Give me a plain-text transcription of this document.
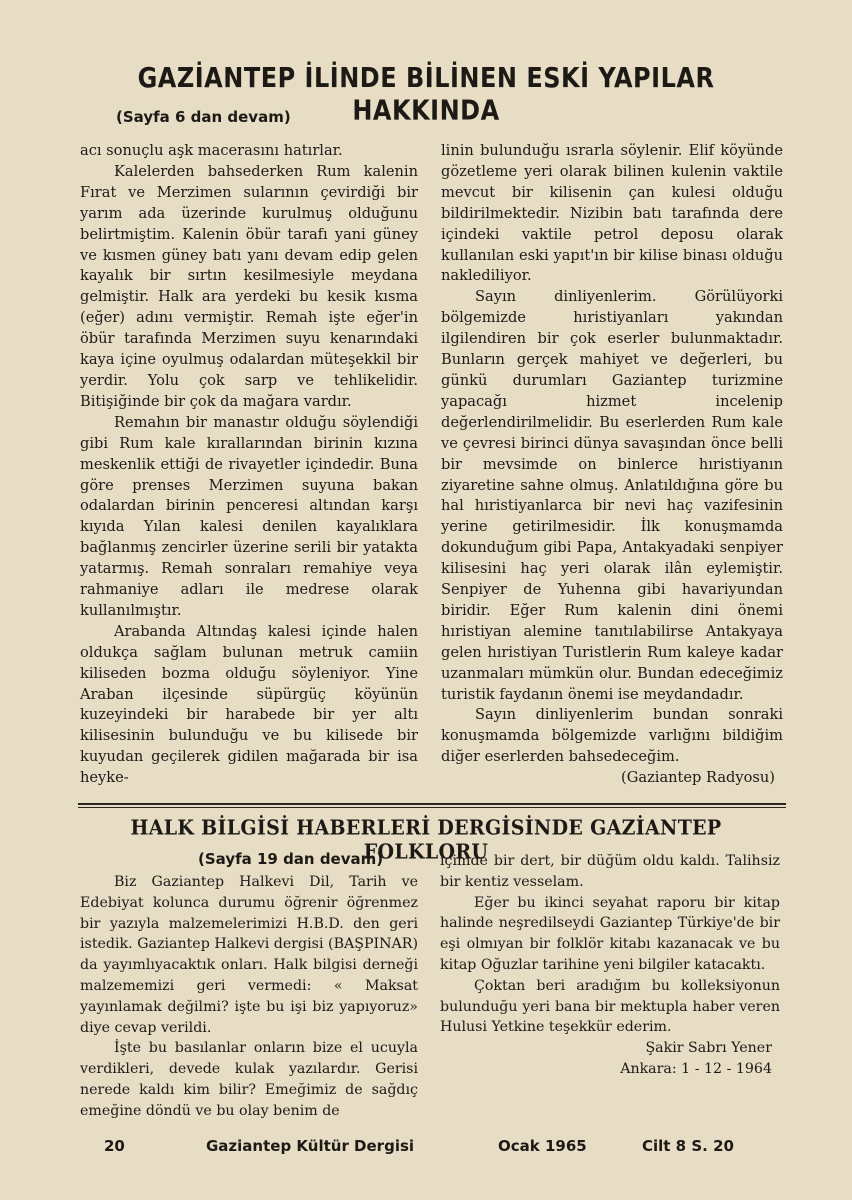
GAZİANTEP İLİNDE BİLİNEN ESKİ YAPILAR HAKKINDA
(Sayfa 6 dan devam)

acı sonuçlu aşk macerasını hatırlar.

Kalelerden bahsederken Rum kalenin Fırat ve Merzimen sularının çevirdiği bir yarım ada üzerinde kurulmuş olduğunu belirtmiştim. Kalenin öbür tarafı yani güney ve kısmen güney batı yanı devam edip gelen kayalık bir sırtın kesilmesiyle meydana gelmiştir. Halk ara yerdeki bu kesik kısma (eğer) adını vermiştir. Remah işte eğer'in öbür tarafında Merzimen suyu kenarındaki kaya içine oyulmuş odalardan müteşekkil bir yerdir. Yolu çok sarp ve tehlikelidir. Bitişiğinde bir çok da mağara vardır.

Remahın bir manastır olduğu söylendiği gibi Rum kale kırallarından birinin kızına meskenlik ettiği de rivayetler içindedir. Buna göre prenses Merzimen suyuna bakan odalardan birinin penceresi altından karşı kıyıda Yılan kalesi denilen kayalıklara bağlanmış zencirler üzerine serili bir yatakta yatarmış. Remah sonraları remahiye veya rahmaniye adları ile medrese olarak kullanılmıştır.

Arabanda Altındaş kalesi içinde halen oldukça sağlam bulunan metruk camiin kiliseden bozma olduğu söyleniyor. Yine Araban ilçesinde süpürgüç köyünün kuzeyindeki bir harabede bir yer altı kilisesinin bulunduğu ve bu kilisede bir kuyudan geçilerek gidilen mağarada bir isa heyke-

linin bulunduğu ısrarla söylenir. Elif köyünde gözetleme yeri olarak bilinen kulenin vaktile mevcut bir kilisenin çan kulesi olduğu bildirilmektedir. Nizibin batı tarafında dere içindeki vaktile petrol deposu olarak kullanılan eski yapıt'ın bir kilise binası olduğu naklediliyor.

Sayın dinliyenlerim. Görülüyorki bölgemizde hıristiyanları yakından ilgilendiren bir çok eserler bulunmaktadır. Bunların gerçek mahiyet ve değerleri, bu günkü durumları Gaziantep turizmine yapacağı hizmet incelenip değerlendirilmelidir. Bu eserlerden Rum kale ve çevresi birinci dünya savaşından önce belli bir mevsimde on binlerce hıristiyanın ziyaretine sahne olmuş. Anlatıldığına göre bu hal hıristiyanlarca bir nevi haç vazifesinin yerine getirilmesidir. İlk konuşmamda dokunduğum gibi Papa, Antakyadaki senpiyer kilisesini haç yeri olarak ilân eylemiştir. Senpiyer de Yuhenna gibi havariyundan biridir. Eğer Rum kalenin dini önemi hıristiyan alemine tanıtılabilirse Antakyaya gelen hıristiyan Turistlerin Rum kaleye kadar uzanmaları mümkün olur. Bundan edeceğimiz turistik faydanın önemi ise meydandadır.

Sayın dinliyenlerim bundan sonraki konuşmamda bölgemizde varlığını bildiğim diğer eserlerden bahsedeceğim.

(Gaziantep Radyosu)

HALK BİLGİSİ HABERLERİ DERGİSİNDE GAZİANTEP FOLKLORU
(Sayfa 19 dan devam)

Biz Gaziantep Halkevi Dil, Tarih ve Edebiyat kolunca durumu öğrenir öğrenmez bir yazıyla malzemelerimizi H.B.D. den geri istedik. Gaziantep Halkevi dergisi (BAŞPINAR) da yayımlıyacaktık onları. Halk bilgisi derneği malzememizi geri vermedi: « Maksat yayınlamak değilmi? işte bu işi biz yapıyoruz» diye cevap verildi.

İşte bu basılanlar onların bize el ucuyla verdikleri, devede kulak yazılardır. Gerisi nerede kaldı kim bilir? Emeğimiz de sağdıç emeğine döndü ve bu olay benim de

içimde bir dert, bir düğüm oldu kaldı. Talihsiz bir kentiz vesselam.

Eğer bu ikinci seyahat raporu bir kitap halinde neşredilseydi Gaziantep Türkiye'de bir eşi olmıyan bir folklör kitabı kazanacak ve bu kitap Oğuzlar tarihine yeni bilgiler katacaktı.

Çoktan beri aradığım bu kolleksiyonun bulunduğu yeri bana bir mektupla haber veren Hulusi Yetkine teşekkür ederim.

Şakir Sabrı Yener

Ankara: 1 - 12 - 1964

20	Gaziantep Kültür Dergisi	Ocak 1965	Cilt 8 S. 20
